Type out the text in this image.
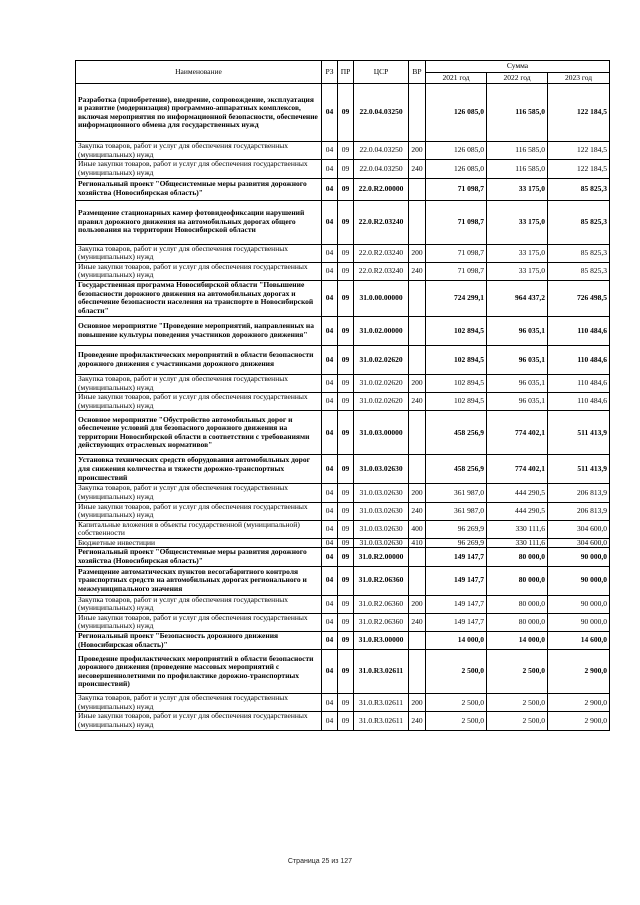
Наименование	РЗ	ПР	ЦСР	ВР	Сумма		
					2021 год	2022 год	2023 год
Разработка (приобретение), внедрение, сопровождение, эксплуатация и развитие (модернизация) программно-аппаратных комплексов, включая мероприятия по информационной безопасности, обеспечение информационного обмена для государственных нужд	04	09	22.0.04.03250		126 085,0	116 585,0	122 184,5
Закупка товаров, работ и услуг для обеспечения государственных (муниципальных) нужд	04	09	22.0.04.03250	200	126 085,0	116 585,0	122 184,5
Иные закупки товаров, работ и услуг для обеспечения государственных (муниципальных) нужд	04	09	22.0.04.03250	240	126 085,0	116 585,0	122 184,5
Региональный проект "Общесистемные меры развития дорожного хозяйства (Новосибирская область)"	04	09	22.0.R2.00000		71 098,7	33 175,0	85 825,3
Размещение стационарных камер фотовидеофиксации нарушений правил дорожного движения на автомобильных дорогах общего пользования на территории Новосибирской области	04	09	22.0.R2.03240		71 098,7	33 175,0	85 825,3
Закупка товаров, работ и услуг для обеспечения государственных (муниципальных) нужд	04	09	22.0.R2.03240	200	71 098,7	33 175,0	85 825,3
Иные закупки товаров, работ и услуг для обеспечения государственных (муниципальных) нужд	04	09	22.0.R2.03240	240	71 098,7	33 175,0	85 825,3
Государственная программа Новосибирской области "Повышение безопасности дорожного движения на автомобильных дорогах и обеспечение безопасности населения на транспорте в Новосибирской области"	04	09	31.0.00.00000		724 299,1	964 437,2	726 498,5
Основное мероприятие "Проведение мероприятий, направленных на повышение культуры поведения участников дорожного движения"	04	09	31.0.02.00000		102 894,5	96 035,1	110 484,6
Проведение профилактических мероприятий в области безопасности дорожного движения с участниками дорожного движения	04	09	31.0.02.02620		102 894,5	96 035,1	110 484,6
Закупка товаров, работ и услуг для обеспечения государственных (муниципальных) нужд	04	09	31.0.02.02620	200	102 894,5	96 035,1	110 484,6
Иные закупки товаров, работ и услуг для обеспечения государственных (муниципальных) нужд	04	09	31.0.02.02620	240	102 894,5	96 035,1	110 484,6
Основное мероприятие "Обустройство автомобильных дорог и обеспечение условий для безопасного дорожного движения на территории Новосибирской области в соответствии с требованиями действующих отраслевых нормативов"	04	09	31.0.03.00000		458 256,9	774 402,1	511 413,9
Установка технических средств оборудования автомобильных дорог для снижения количества и тяжести дорожно-транспортных происшествий	04	09	31.0.03.02630		458 256,9	774 402,1	511 413,9
Закупка товаров, работ и услуг для обеспечения государственных (муниципальных) нужд	04	09	31.0.03.02630	200	361 987,0	444 290,5	206 813,9
Иные закупки товаров, работ и услуг для обеспечения государственных (муниципальных) нужд	04	09	31.0.03.02630	240	361 987,0	444 290,5	206 813,9
Капитальные вложения в объекты государственной (муниципальной) собственности	04	09	31.0.03.02630	400	96 269,9	330 111,6	304 600,0
Бюджетные инвестиции	04	09	31.0.03.02630	410	96 269,9	330 111,6	304 600,0
Региональный проект "Общесистемные меры развития дорожного хозяйства (Новосибирская область)"	04	09	31.0.R2.00000		149 147,7	80 000,0	90 000,0
Размещение автоматических пунктов весогабаритного контроля транспортных средств на автомобильных дорогах регионального и межмуниципального значения	04	09	31.0.R2.06360		149 147,7	80 000,0	90 000,0
Закупка товаров, работ и услуг для обеспечения государственных (муниципальных) нужд	04	09	31.0.R2.06360	200	149 147,7	80 000,0	90 000,0
Иные закупки товаров, работ и услуг для обеспечения государственных (муниципальных) нужд	04	09	31.0.R2.06360	240	149 147,7	80 000,0	90 000,0
Региональный проект "Безопасность дорожного движения (Новосибирская область)"	04	09	31.0.R3.00000		14 000,0	14 000,0	14 600,0
Проведение профилактических мероприятий в области безопасности дорожного движения (проведение массовых мероприятий с несовершеннолетними по профилактике дорожно-транспортных происшествий)	04	09	31.0.R3.02611		2 500,0	2 500,0	2 900,0
Закупка товаров, работ и услуг для обеспечения государственных (муниципальных) нужд	04	09	31.0.R3.02611	200	2 500,0	2 500,0	2 900,0
Иные закупки товаров, работ и услуг для обеспечения государственных (муниципальных) нужд	04	09	31.0.R3.02611	240	2 500,0	2 500,0	2 900,0
Страница 25 из 127
